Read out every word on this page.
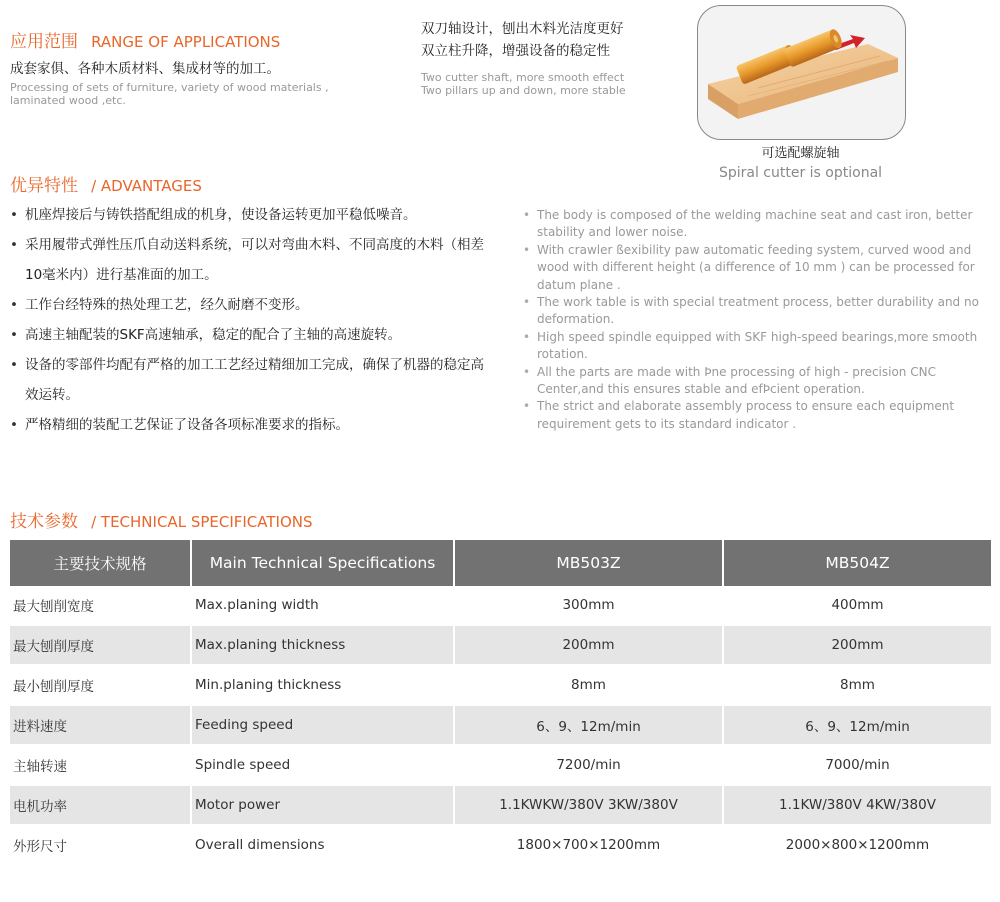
应用范围 RANGE OF APPLICATIONS
成套家俱、各种木质材料、集成材等的加工。
Processing of sets of furniture, variety of wood materials , laminated wood ,etc.
双刀轴设计，刨出木料光洁度更好
双立柱升降，增强设备的稳定性
Two cutter shaft, more smooth effect
Two pillars up and down, more stable
可选配螺旋轴
Spiral cutter is optional
优异特性 / ADVANTAGES
• 机座焊接后与铸铁搭配组成的机身，使设备运转更加平稳低噪音。
• 采用履带式弹性压爪自动送料系统，可以对弯曲木料、不同高度的木料（相差10毫米内）进行基准面的加工。
• 工作台经特殊的热处理工艺，经久耐磨不变形。
• 高速主轴配装的SKF高速轴承，稳定的配合了主轴的高速旋转。
• 设备的零部件均配有严格的加工工艺经过精细加工完成，确保了机器的稳定高效运转。
• 严格精细的装配工艺保证了设备各项标准要求的指标。
• The body is composed of the welding machine seat and cast iron, better stability and lower noise.
• With crawler ßexibility paw automatic feeding system, curved wood and wood with different height (a difference of 10 mm ) can be processed for datum plane .
• The work table is with special treatment process, better durability and no deformation.
• High speed spindle equipped with SKF high-speed bearings,more smooth rotation.
• All the parts are made with Þne processing of high - precision CNC Center,and this ensures stable and efÞcient operation.
• The strict and elaborate assembly process to ensure each equipment requirement gets to its standard indicator .
技术参数 / TECHNICAL SPECIFICATIONS
主要技术规格	Main Technical Specifications	MB503Z	MB504Z
最大刨削宽度	Max.planing width	300mm	400mm
最大刨削厚度	Max.planing thickness	200mm	200mm
最小刨削厚度	Min.planing thickness	8mm	8mm
进料速度	Feeding speed	6、9、12m/min	6、9、12m/min
主轴转速	Spindle speed	7200/min	7000/min
电机功率	Motor power	1.1KWKW/380V 3KW/380V	1.1KW/380V 4KW/380V
外形尺寸	Overall dimensions	1800×700×1200mm	2000×800×1200mm
